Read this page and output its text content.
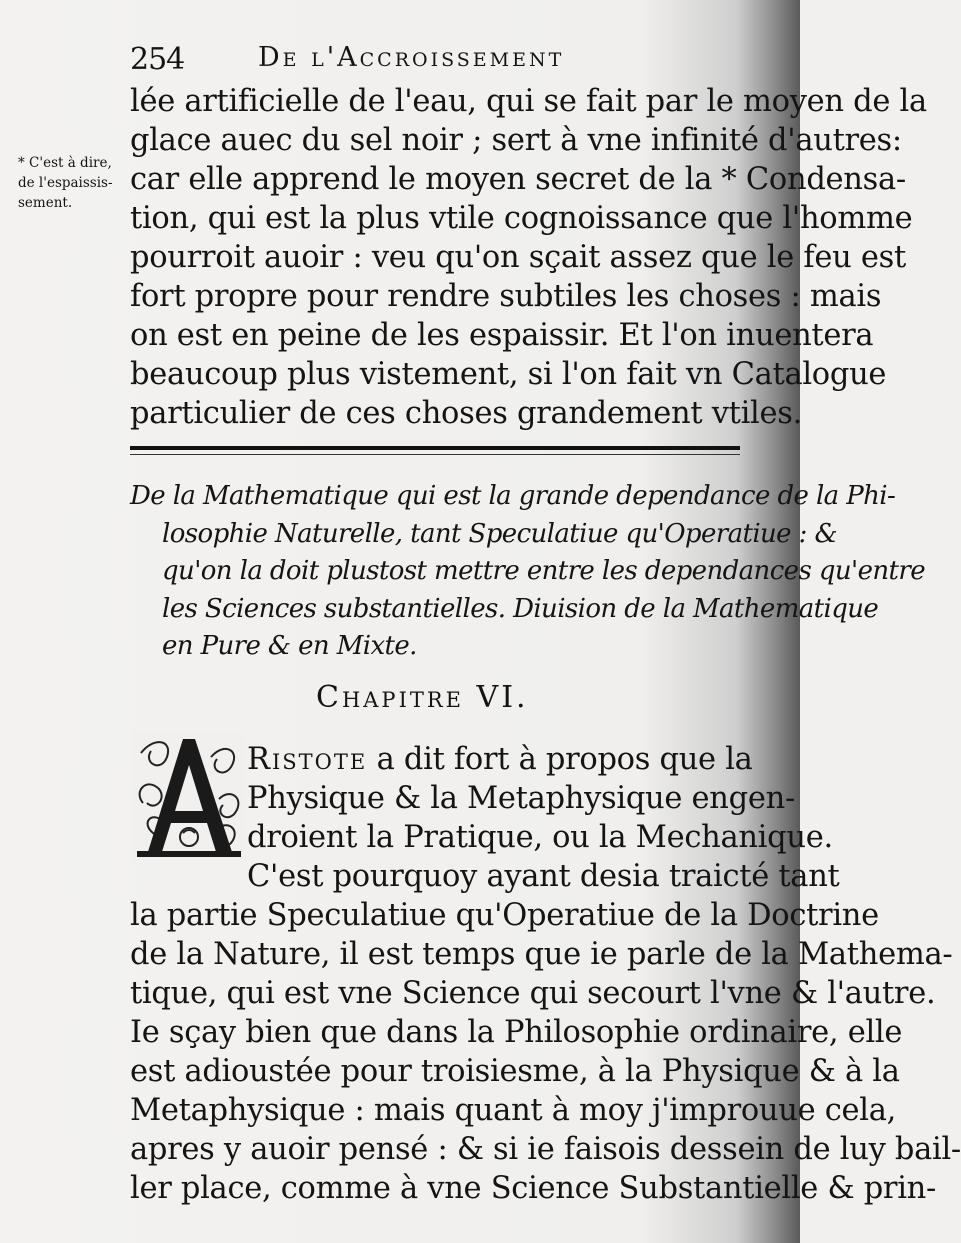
254	De l'Accroissement
* C'est à dire,
de l'espaissis-
sement.
lée artificielle de l'eau, qui se fait par le moyen de la
glace auec du sel noir ; sert à vne infinité d'autres:
car elle apprend le moyen secret de la * Condensa-
tion, qui est la plus vtile cognoissance que l'homme
pourroit auoir : veu qu'on sçait assez que le feu est
fort propre pour rendre subtiles les choses : mais
on est en peine de les espaissir. Et l'on inuentera
beaucoup plus vistement, si l'on fait vn Catalogue
particulier de ces choses grandement vtiles.
De la Mathematique qui est la grande dependance de la Phi-
losophie Naturelle, tant Speculatiue qu'Operatiue : &
qu'on la doit plustost mettre entre les dependances qu'entre
les Sciences substantielles. Diuision de la Mathematique
en Pure & en Mixte.
Chapitre VI.
Ristote a dit fort à propos que la
Physique & la Metaphysique engen-
droient la Pratique, ou la Mechanique.
C'est pourquoy ayant desia traicté tant
la partie Speculatiue qu'Operatiue de la Doctrine
de la Nature, il est temps que ie parle de la Mathema-
tique, qui est vne Science qui secourt l'vne & l'autre.
Ie sçay bien que dans la Philosophie ordinaire, elle
est adioustée pour troisiesme, à la Physique & à la
Metaphysique : mais quant à moy j'improuue cela,
apres y auoir pensé : & si ie faisois dessein de luy bail-
ler place, comme à vne Science Substantielle & prin-
